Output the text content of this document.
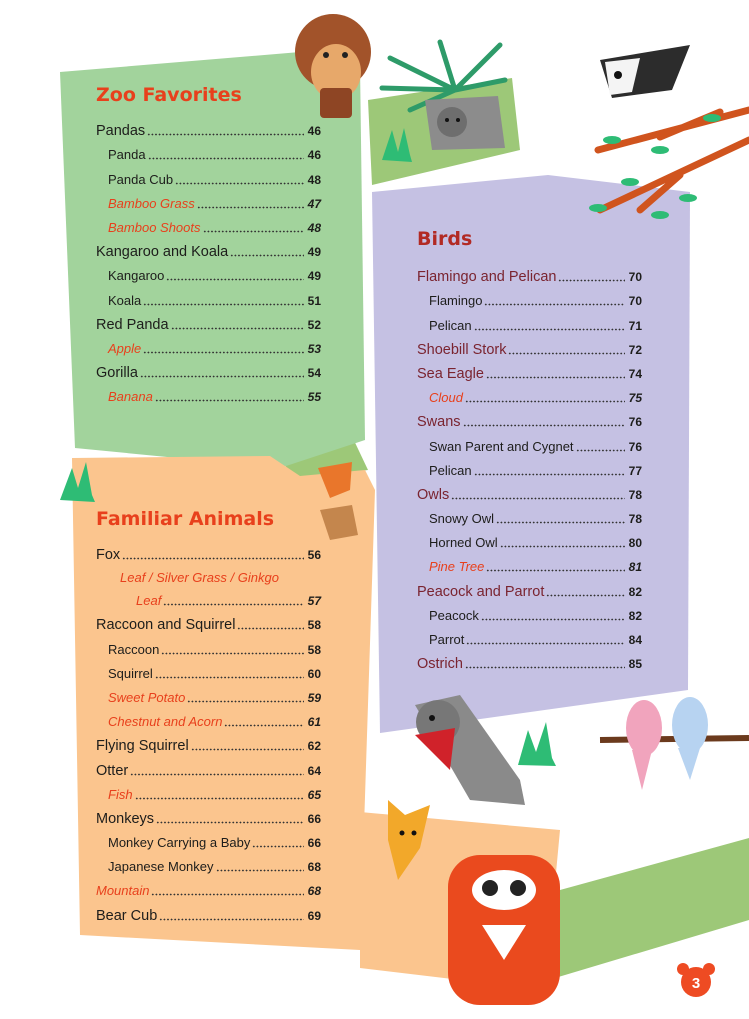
Zoo Favorites
Pandas	46
Panda	46
Panda Cub	48
Bamboo Grass	47
Bamboo Shoots	48
Kangaroo and Koala	49
Kangaroo	49
Koala	51
Red Panda	52
Apple	53
Gorilla	54
Banana	55
Familiar Animals
Fox	56
Leaf / Silver Grass / Ginkgo
Leaf	57
Raccoon and Squirrel	58
Raccoon	58
Squirrel	60
Sweet Potato	59
Chestnut and Acorn	61
Flying Squirrel	62
Otter	64
Fish	65
Monkeys	66
Monkey Carrying a Baby	66
Japanese Monkey	68
Mountain	68
Bear Cub	69
Birds
Flamingo and Pelican	70
Flamingo	70
Pelican	71
Shoebill Stork	72
Sea Eagle	74
Cloud	75
Swans	76
Swan Parent and Cygnet	76
Pelican	77
Owls	78
Snowy Owl	78
Horned Owl	80
Pine Tree	81
Peacock and Parrot	82
Peacock	82
Parrot	84
Ostrich	85
3
